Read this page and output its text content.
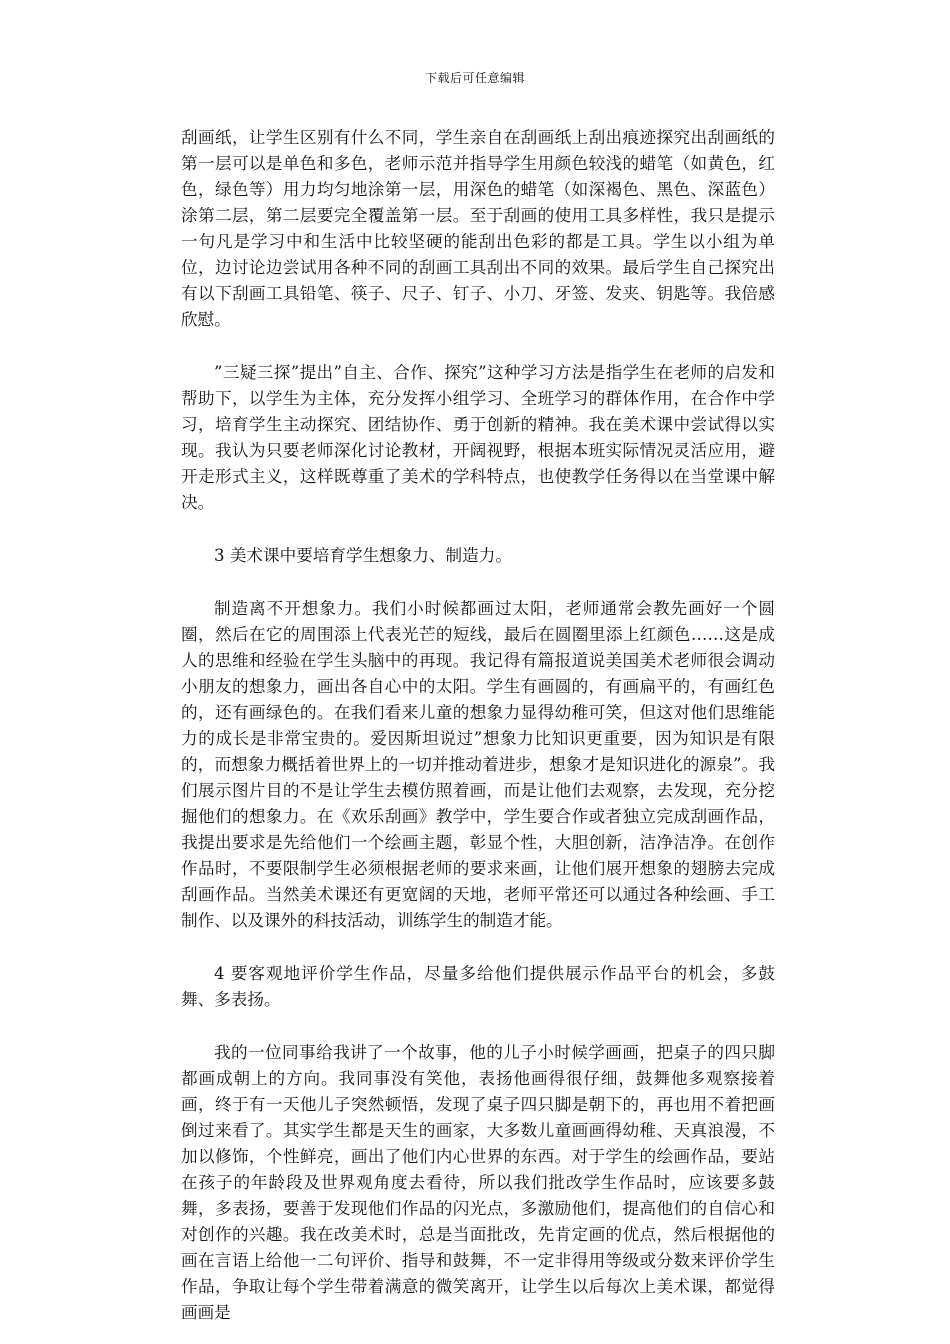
下载后可任意编辑

刮画纸，让学生区别有什么不同，学生亲自在刮画纸上刮出痕迹探究出刮画纸的第一层可以是单色和多色，老师示范并指导学生用颜色较浅的蜡笔（如黄色，红色，绿色等）用力均匀地涂第一层，用深色的蜡笔（如深褐色、黑色、深蓝色）涂第二层，第二层要完全覆盖第一层。至于刮画的使用工具多样性，我只是提示一句凡是学习中和生活中比较坚硬的能刮出色彩的都是工具。学生以小组为单位，边讨论边尝试用各种不同的刮画工具刮出不同的效果。最后学生自己探究出有以下刮画工具铅笔、筷子、尺子、钉子、小刀、牙签、发夹、钥匙等。我倍感欣慰。

”三疑三探”提出”自主、合作、探究”这种学习方法是指学生在老师的启发和帮助下，以学生为主体，充分发挥小组学习、全班学习的群体作用，在合作中学习，培育学生主动探究、团结协作、勇于创新的精神。我在美术课中尝试得以实现。我认为只要老师深化讨论教材，开阔视野，根据本班实际情况灵活应用，避开走形式主义，这样既尊重了美术的学科特点，也使教学任务得以在当堂课中解决。

3 美术课中要培育学生想象力、制造力。

制造离不开想象力。我们小时候都画过太阳，老师通常会教先画好一个圆圈，然后在它的周围添上代表光芒的短线，最后在圆圈里添上红颜色……这是成人的思维和经验在学生头脑中的再现。我记得有篇报道说美国美术老师很会调动小朋友的想象力，画出各自心中的太阳。学生有画圆的，有画扁平的，有画红色的，还有画绿色的。在我们看来儿童的想象力显得幼稚可笑，但这对他们思维能力的成长是非常宝贵的。爱因斯坦说过”想象力比知识更重要，因为知识是有限的，而想象力概括着世界上的一切并推动着进步，想象才是知识进化的源泉”。我们展示图片目的不是让学生去模仿照着画，而是让他们去观察，去发现，充分挖掘他们的想象力。在《欢乐刮画》教学中，学生要合作或者独立完成刮画作品，我提出要求是先给他们一个绘画主题，彰显个性，大胆创新，洁净洁净。在创作作品时，不要限制学生必须根据老师的要求来画，让他们展开想象的翅膀去完成刮画作品。当然美术课还有更宽阔的天地，老师平常还可以通过各种绘画、手工制作、以及课外的科技活动，训练学生的制造才能。

4 要客观地评价学生作品，尽量多给他们提供展示作品平台的机会，多鼓舞、多表扬。

我的一位同事给我讲了一个故事，他的儿子小时候学画画，把桌子的四只脚都画成朝上的方向。我同事没有笑他，表扬他画得很仔细，鼓舞他多观察接着画，终于有一天他儿子突然顿悟，发现了桌子四只脚是朝下的，再也用不着把画倒过来看了。其实学生都是天生的画家，大多数儿童画画得幼稚、天真浪漫，不加以修饰，个性鲜亮，画出了他们内心世界的东西。对于学生的绘画作品，要站在孩子的年龄段及世界观角度去看待，所以我们批改学生作品时，应该要多鼓舞，多表扬，要善于发现他们作品的闪光点，多激励他们，提高他们的自信心和对创作的兴趣。我在改美术时，总是当面批改，先肯定画的优点，然后根据他的画在言语上给他一二句评价、指导和鼓舞，不一定非得用等级或分数来评价学生作品，争取让每个学生带着满意的微笑离开，让学生以后每次上美术课，都觉得画画是
